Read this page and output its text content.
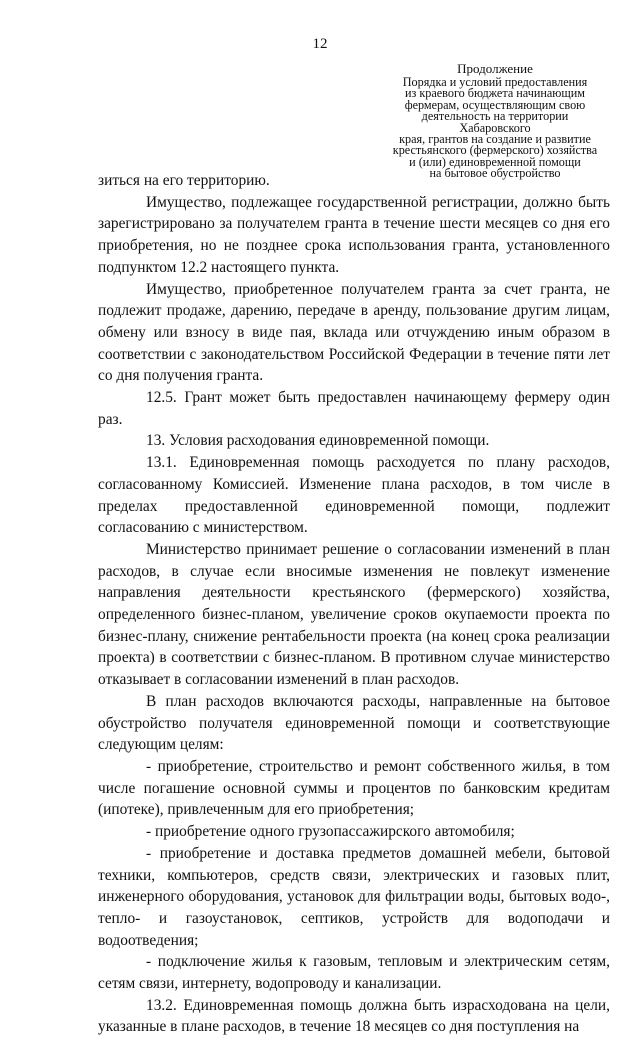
12
Продолжение
Порядка и условий предоставления
из краевого бюджета начинающим
фермерам, осуществляющим свою
деятельность на территории Хабаровского
края, грантов на создание и развитие
крестьянского (фермерского) хозяйства
и (или) единовременной помощи
на бытовое обустройство

зиться на его территорию.

Имущество, подлежащее государственной регистрации, должно быть зарегистрировано за получателем гранта в течение шести месяцев со дня его приобретения, но не позднее срока использования гранта, установленного подпунктом 12.2 настоящего пункта.

Имущество, приобретенное получателем гранта за счет гранта, не подлежит продаже, дарению, передаче в аренду, пользование другим лицам, обмену или взносу в виде пая, вклада или отчуждению иным образом в соответствии с законодательством Российской Федерации в течение пяти лет со дня получения гранта.

12.5. Грант может быть предоставлен начинающему фермеру один раз.

13. Условия расходования единовременной помощи.

13.1. Единовременная помощь расходуется по плану расходов, согласованному Комиссией. Изменение плана расходов, в том числе в пределах предоставленной единовременной помощи, подлежит согласованию с министерством.

Министерство принимает решение о согласовании изменений в план расходов, в случае если вносимые изменения не повлекут изменение направления деятельности крестьянского (фермерского) хозяйства, определенного бизнес-планом, увеличение сроков окупаемости проекта по бизнес-плану, снижение рентабельности проекта (на конец срока реализации проекта) в соответствии с бизнес-планом. В противном случае министерство отказывает в согласовании изменений в план расходов.

В план расходов включаются расходы, направленные на бытовое обустройство получателя единовременной помощи и соответствующие следующим целям:

- приобретение, строительство и ремонт собственного жилья, в том числе погашение основной суммы и процентов по банковским кредитам (ипотеке), привлеченным для его приобретения;

- приобретение одного грузопассажирского автомобиля;

- приобретение и доставка предметов домашней мебели, бытовой техники, компьютеров, средств связи, электрических и газовых плит, инженерного оборудования, установок для фильтрации воды, бытовых водо-, тепло- и газоустановок, септиков, устройств для водоподачи и водоотведения;

- подключение жилья к газовым, тепловым и электрическим сетям, сетям связи, интернету, водопроводу и канализации.

13.2. Единовременная помощь должна быть израсходована на цели, указанные в плане расходов, в течение 18 месяцев со дня поступления на
